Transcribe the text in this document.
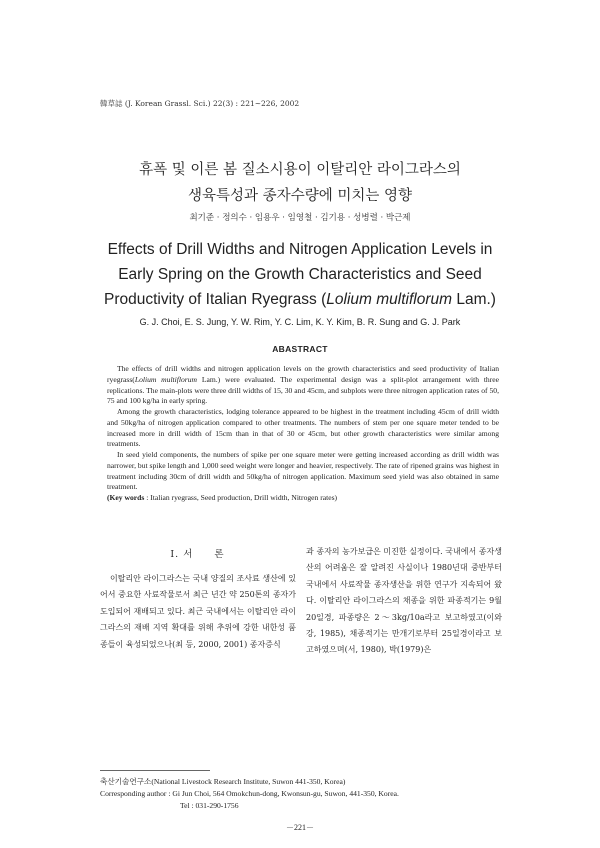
韓草誌 (J. Korean Grassl. Sci.) 22(3) : 221~226, 2002
휴폭 및 이른 봄 질소시용이 이탈리안 라이그라스의
생육특성과 종자수량에 미치는 영향
최기준 · 정의수 · 임용우 · 임영철 · 김기용 · 성병렬 · 박근제
Effects of Drill Widths and Nitrogen Application Levels in
Early Spring on the Growth Characteristics and Seed
Productivity of Italian Ryegrass (Lolium multiflorum Lam.)
G. J. Choi, E. S. Jung, Y. W. Rim, Y. C. Lim, K. Y. Kim, B. R. Sung and G. J. Park
ABASTRACT

The effects of drill widths and nitrogen application levels on the growth characteristics and seed productivity of Italian ryegrass(Lolium multiflorum Lam.) were evaluated. The experimental design was a split-plot arrangement with three replications. The main-plots were three drill widths of 15, 30 and 45cm, and subplots were three nitrogen application rates of 50, 75 and 100 kg/ha in early spring.

Among the growth characteristics, lodging tolerance appeared to be highest in the treatment including 45cm of drill width and 50kg/ha of nitrogen application compared to other treatments. The numbers of stem per one square meter tended to be increased more in drill width of 15cm than in that of 30 or 45cm, but other growth characteristics were similar among treatments.

In seed yield components, the numbers of spike per one square meter were getting increased according as drill width was narrower, but spike length and 1,000 seed weight were longer and heavier, respectively. The rate of ripened grains was highest in treatment including 30cm of drill width and 50kg/ha of nitrogen application. Maximum seed yield was also obtained in same treatment.

(Key words : Italian ryegrass, Seed production, Drill width, Nitrogen rates)

Ⅰ. 서　　론

이탈리안 라이그라스는 국내 양질의 조사료 생산에 있어서 중요한 사료작물로서 최근 년간 약 250톤의 종자가 도입되어 재배되고 있다. 최근 국내에서는 이탈리안 라이그라스의 재배 지역 확대를 위해 추위에 강한 내한성 품종들이 육성되었으나(최 등, 2000, 2001) 종자증식

과 종자의 농가보급은 미진한 실정이다. 국내에서 종자생산의 어려움은 잘 알려진 사실이나 1980년대 중반부터 국내에서 사료작물 종자생산을 위한 연구가 지속되어 왔다. 이탈리안 라이그라스의 채종을 위한 파종적기는 9월 20일경, 파종량은 2～3kg/10a라고 보고하였고(이와 강, 1985), 채종적기는 만개기로부터 25일경이라고 보고하였으며(서, 1980), 박(1979)은

축산기술연구소(National Livestock Research Institute, Suwon 441-350, Korea)
Corresponding author : Gi Jun Choi, 564 Omokchun-dong, Kwonsun-gu, Suwon, 441-350, Korea.
Tel : 031-290-1756
－221－
